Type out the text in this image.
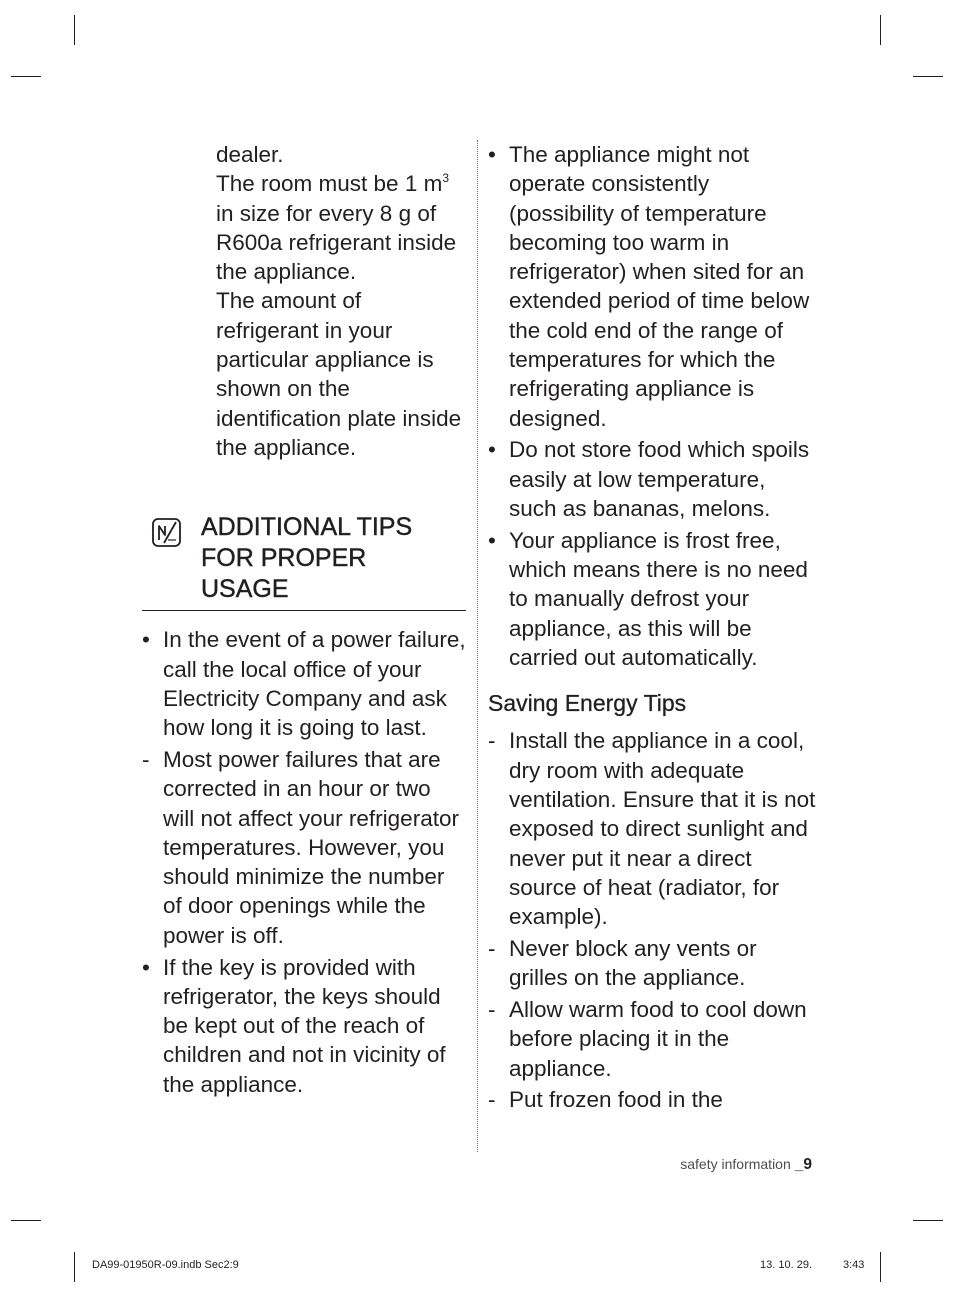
dealer.

The room must be 1 $m^3$ in size for every 8 g of R600a refrigerant inside the appliance.

The amount of refrigerant in your particular appliance is shown on the identification plate inside the appliance.

ADDITIONAL TIPS
FOR PROPER
USAGE
• In the event of a power failure, call the local office of your Electricity Company and ask how long it is going to last.
- Most power failures that are corrected in an hour or two will not affect your refrigerator temperatures. However, you should minimize the number of door openings while the power is off.
• If the key is provided with refrigerator, the keys should be kept out of the reach of children and not in vicinity of the appliance.
• The appliance might not operate consistently (possibility of temperature becoming too warm in refrigerator) when sited for an extended period of time below the cold end of the range of temperatures for which the refrigerating appliance is designed.
• Do not store food which spoils easily at low temperature, such as bananas, melons.
• Your appliance is frost free, which means there is no need to manually defrost your appliance, as this will be carried out automatically.
Saving Energy Tips
- Install the appliance in a cool, dry room with adequate ventilation. Ensure that it is not exposed to direct sunlight and never put it near a direct source of heat (radiator, for example).
- Never block any vents or grilles on the appliance.
- Allow warm food to cool down before placing it in the appliance.
- Put frozen food in the
safety information _9
DA99-01950R-09.indb Sec2:9	13. 10. 29.	3:43
